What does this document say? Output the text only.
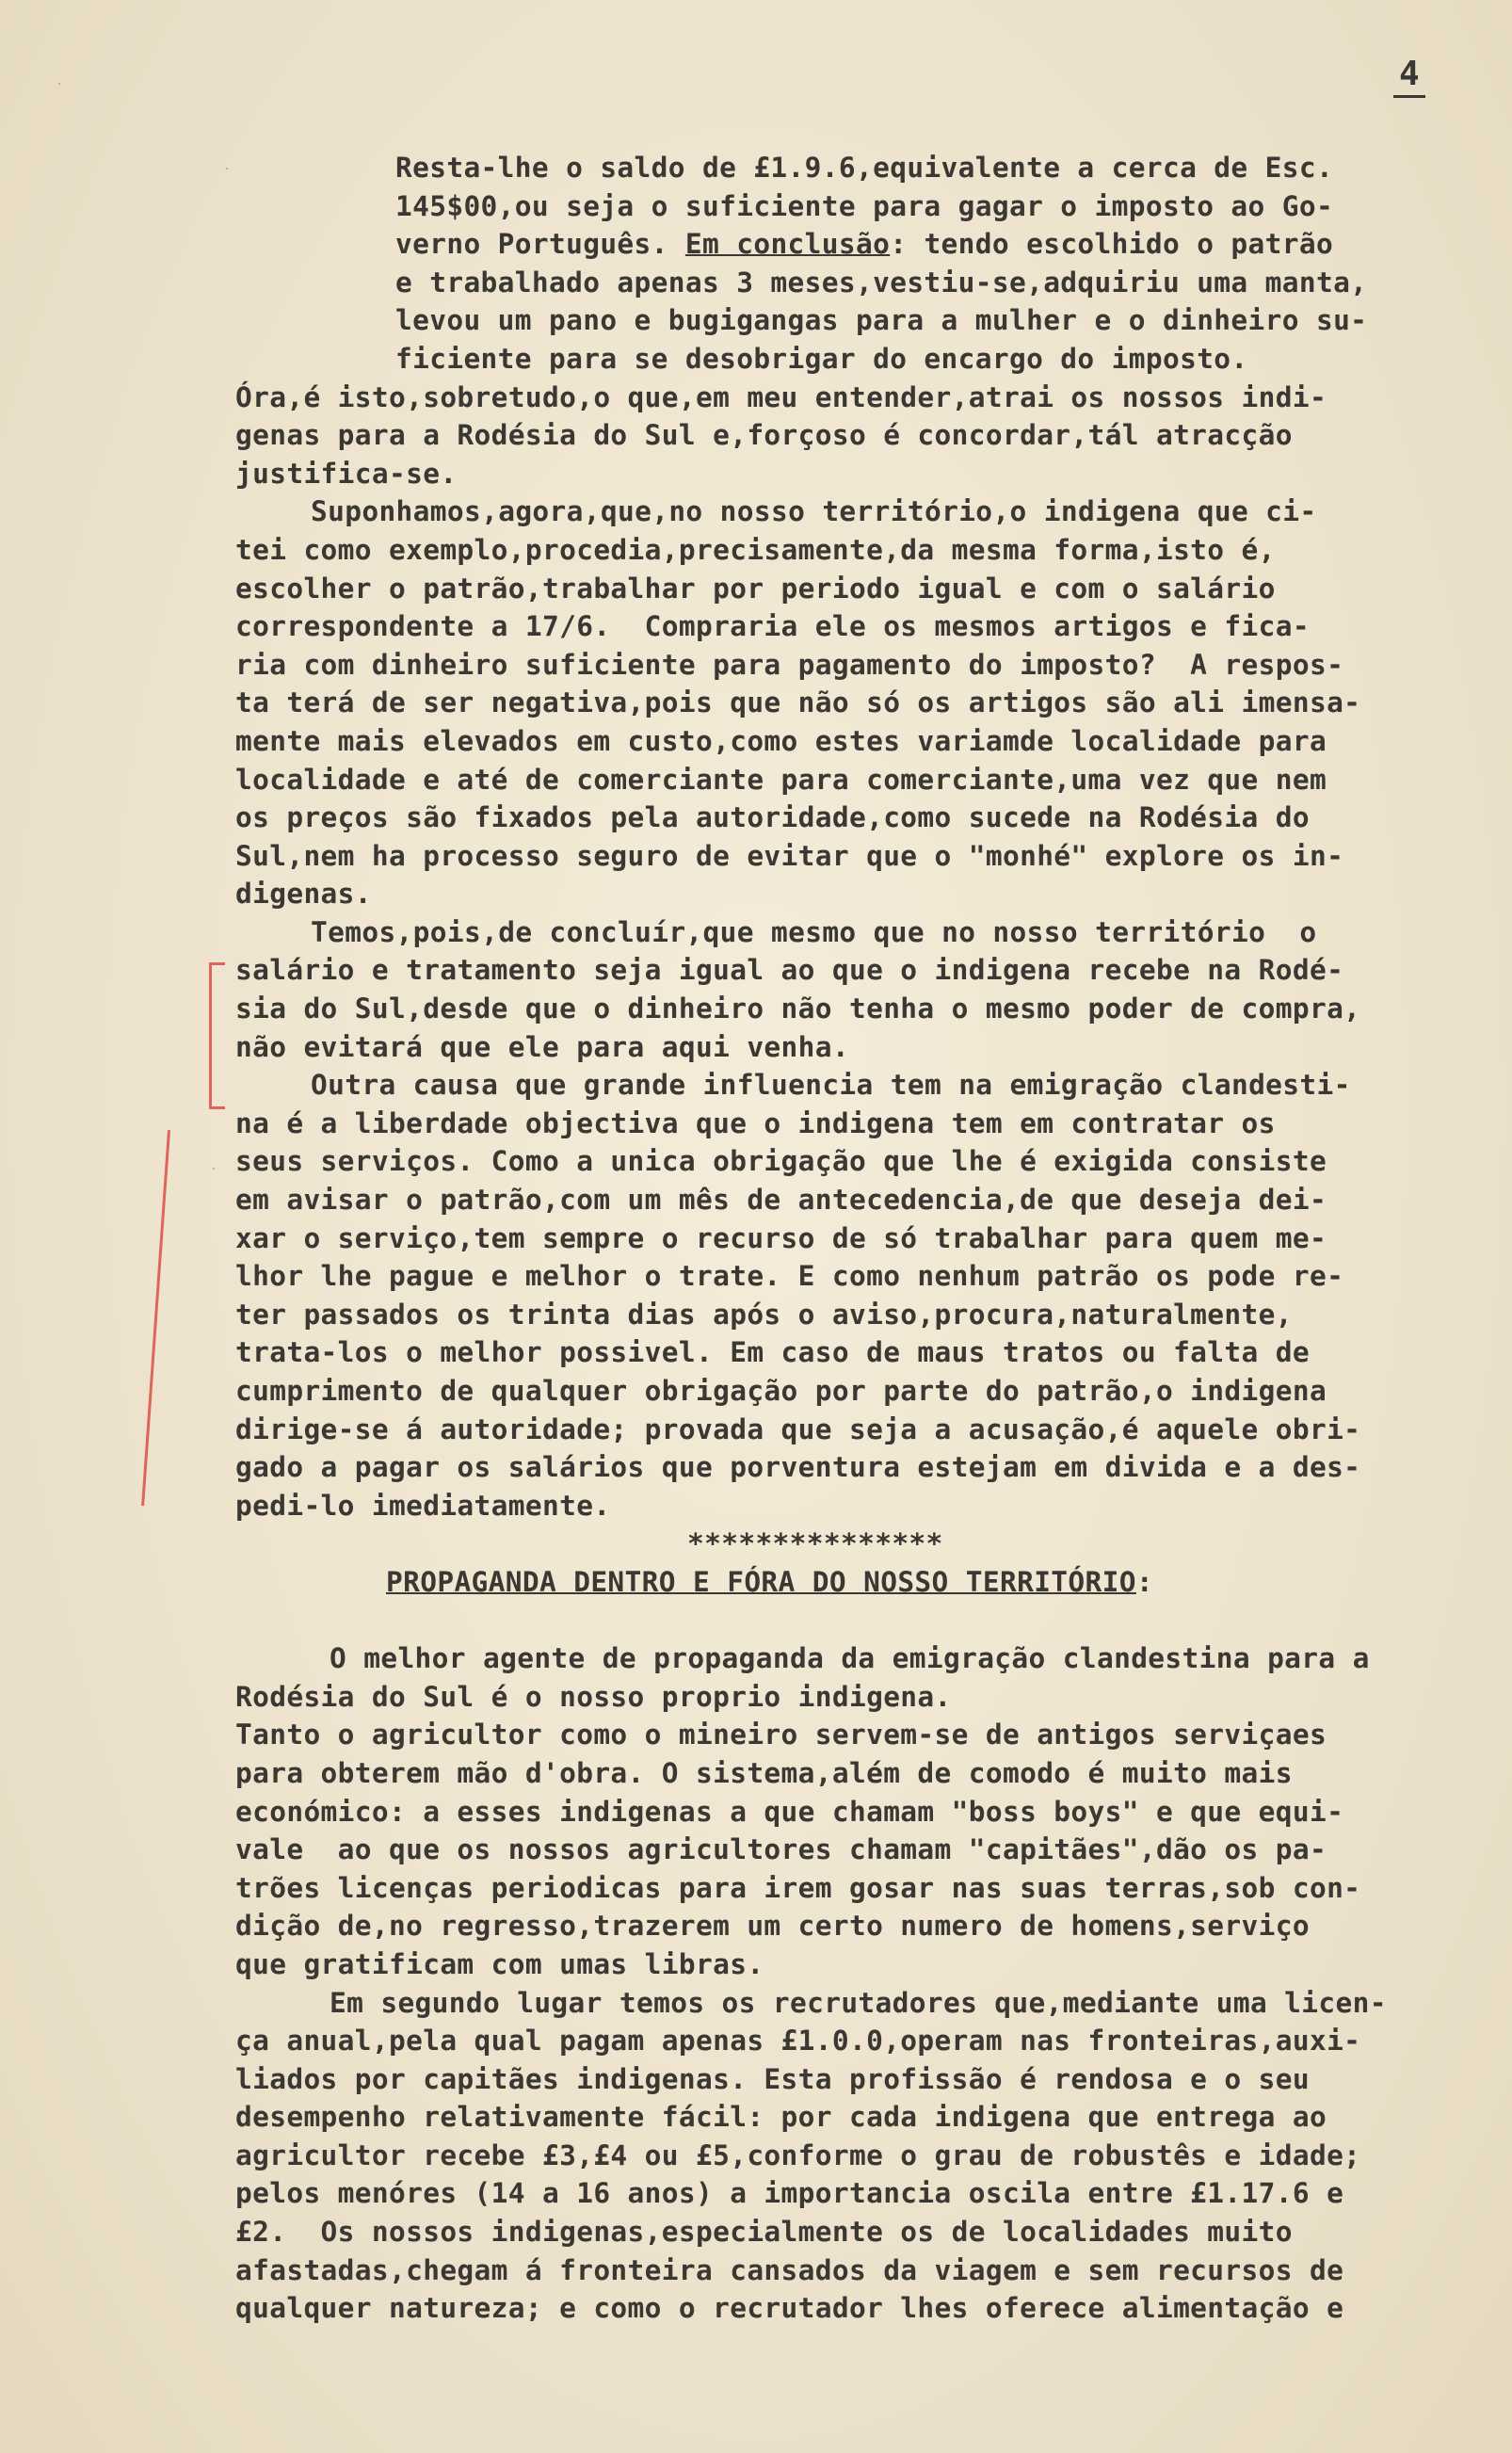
4
Resta-lhe o saldo de £1.9.6,equivalente a cerca de Esc.
145$00,ou seja o suficiente para gagar o imposto ao Go-
verno Português. Em conclusão: tendo escolhido o patrão
e trabalhado apenas 3 meses,vestiu-se,adquiriu uma manta,
levou um pano e bugigangas para a mulher e o dinheiro su-
ficiente para se desobrigar do encargo do imposto.
Óra,é isto,sobretudo,o que,em meu entender,atrai os nossos indi-
genas para a Rodésia do Sul e,forçoso é concordar,tál atracção
justifica-se.
Suponhamos,agora,que,no nosso território,o indigena que ci-
tei como exemplo,procedia,precisamente,da mesma forma,isto é,
escolher o patrão,trabalhar por periodo igual e com o salário
correspondente a 17/6.  Compraria ele os mesmos artigos e fica-
ria com dinheiro suficiente para pagamento do imposto?  A respos-
ta terá de ser negativa,pois que não só os artigos são ali imensa-
mente mais elevados em custo,como estes variamde localidade para
localidade e até de comerciante para comerciante,uma vez que nem
os preços são fixados pela autoridade,como sucede na Rodésia do
Sul,nem ha processo seguro de evitar que o "monhé" explore os in-
digenas.
Temos,pois,de concluír,que mesmo que no nosso território  o
salário e tratamento seja igual ao que o indigena recebe na Rodé-
sia do Sul,desde que o dinheiro não tenha o mesmo poder de compra,
não evitará que ele para aqui venha.
Outra causa que grande influencia tem na emigração clandesti-
na é a liberdade objectiva que o indigena tem em contratar os
seus serviços. Como a unica obrigação que lhe é exigida consiste
em avisar o patrão,com um mês de antecedencia,de que deseja dei-
xar o serviço,tem sempre o recurso de só trabalhar para quem me-
lhor lhe pague e melhor o trate. E como nenhum patrão os pode re-
ter passados os trinta dias após o aviso,procura,naturalmente,
trata-los o melhor possivel. Em caso de maus tratos ou falta de
cumprimento de qualquer obrigação por parte do patrão,o indigena
dirige-se á autoridade; provada que seja a acusação,é aquele obri-
gado a pagar os salários que porventura estejam em divida e a des-
pedi-lo imediatamente.
***************
PROPAGANDA DENTRO E FÓRA DO NOSSO TERRITÓRIO:
O melhor agente de propaganda da emigração clandestina para a
Rodésia do Sul é o nosso proprio indigena.
Tanto o agricultor como o mineiro servem-se de antigos serviçaes
para obterem mão d'obra. O sistema,além de comodo é muito mais
económico: a esses indigenas a que chamam "boss boys" e que equi-
vale  ao que os nossos agricultores chamam "capitães",dão os pa-
trões licenças periodicas para irem gosar nas suas terras,sob con-
dição de,no regresso,trazerem um certo numero de homens,serviço
que gratificam com umas libras.
Em segundo lugar temos os recrutadores que,mediante uma licen-
ça anual,pela qual pagam apenas £1.0.0,operam nas fronteiras,auxi-
liados por capitães indigenas. Esta profissão é rendosa e o seu
desempenho relativamente fácil: por cada indigena que entrega ao
agricultor recebe £3,£4 ou £5,conforme o grau de robustês e idade;
pelos menóres (14 a 16 anos) a importancia oscila entre £1.17.6 e
£2.  Os nossos indigenas,especialmente os de localidades muito
afastadas,chegam á fronteira cansados da viagem e sem recursos de
qualquer natureza; e como o recrutador lhes oferece alimentação e
